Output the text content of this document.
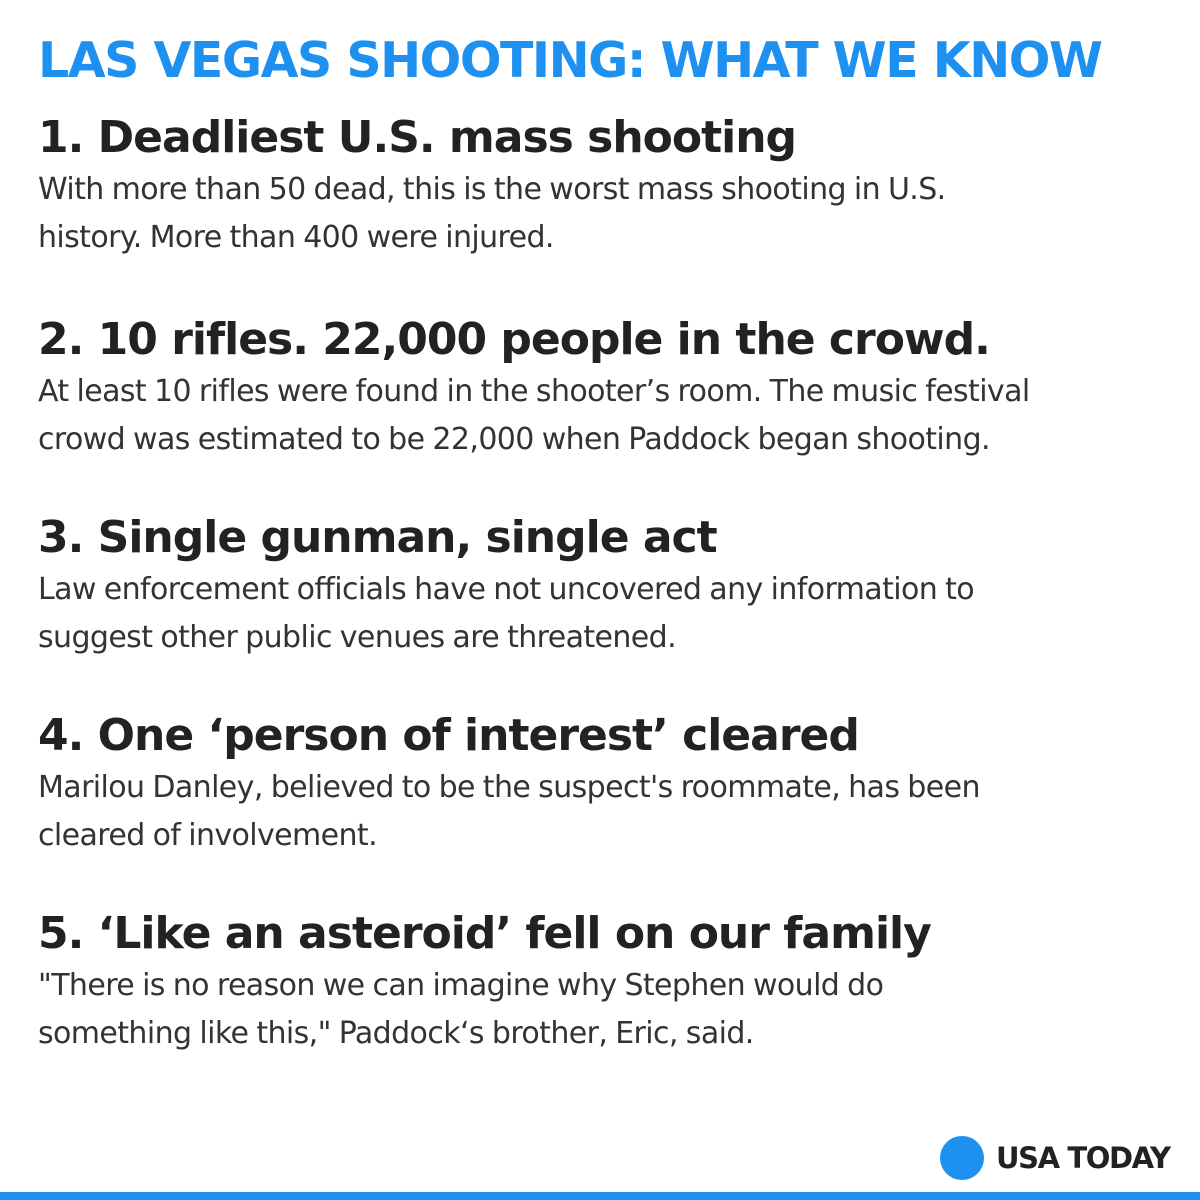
LAS VEGAS SHOOTING: WHAT WE KNOW
1. Deadliest U.S. mass shooting

With more than 50 dead, this is the worst mass shooting in U.S.
history. More than 400 were injured.

2. 10 rifles. 22,000 people in the crowd.

At least 10 rifles were found in the shooter’s room. The music festival
crowd was estimated to be 22,000 when Paddock began shooting.

3. Single gunman, single act

Law enforcement officials have not uncovered any information to
suggest other public venues are threatened.

4. One ‘person of interest’ cleared

Marilou Danley, believed to be the suspect's roommate, has been
cleared of involvement.

5. ‘Like an asteroid’ fell on our family

"There is no reason we can imagine why Stephen would do
something like this," Paddock‘s brother, Eric, said.

USA TODAY
